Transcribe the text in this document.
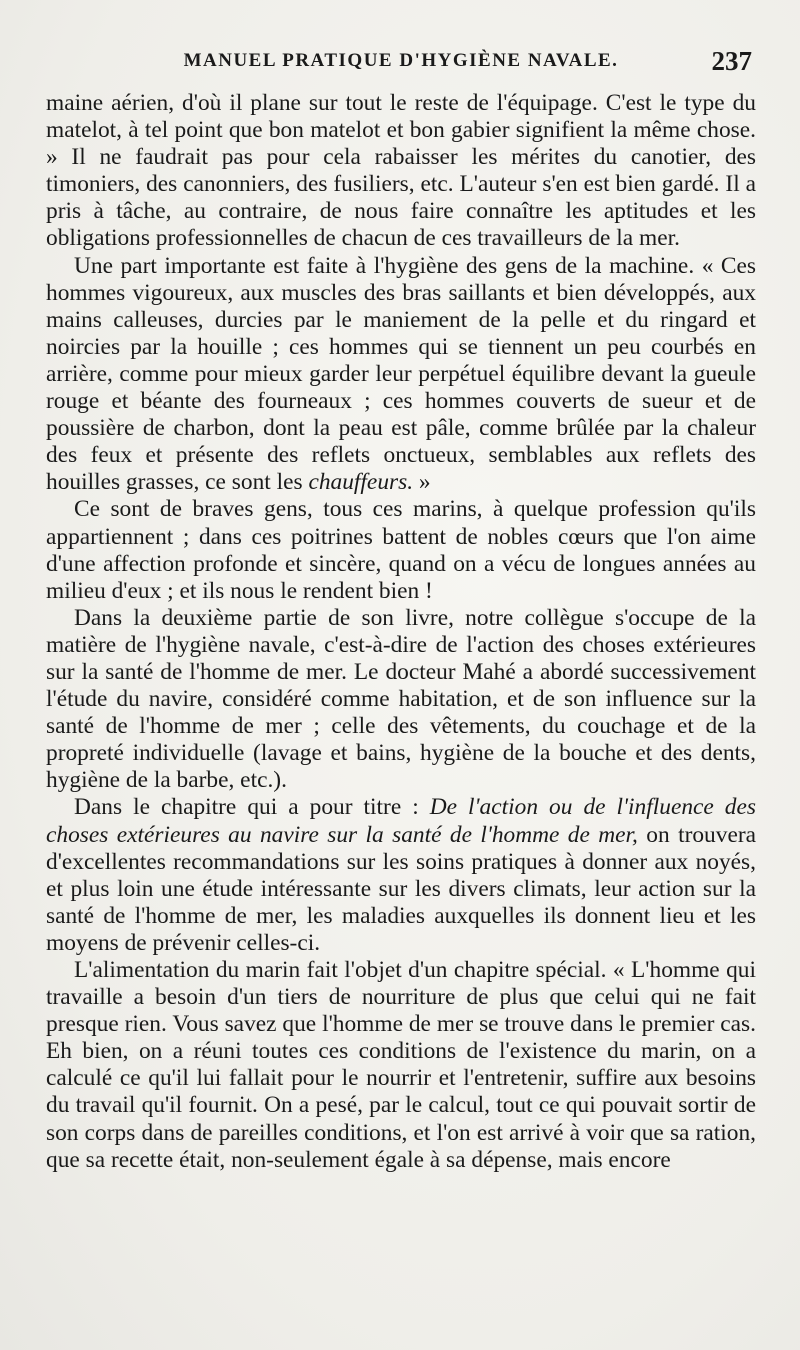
MANUEL PRATIQUE D'HYGIÈNE NAVALE.	237

maine aérien, d'où il plane sur tout le reste de l'équipage. C'est le type du matelot, à tel point que bon matelot et bon gabier signifient la même chose. » Il ne faudrait pas pour cela rabaisser les mérites du canotier, des timoniers, des canonniers, des fusiliers, etc. L'auteur s'en est bien gardé. Il a pris à tâche, au contraire, de nous faire connaître les aptitudes et les obligations professionnelles de chacun de ces travailleurs de la mer.

Une part importante est faite à l'hygiène des gens de la machine. « Ces hommes vigoureux, aux muscles des bras saillants et bien développés, aux mains calleuses, durcies par le maniement de la pelle et du ringard et noircies par la houille ; ces hommes qui se tiennent un peu courbés en arrière, comme pour mieux garder leur perpétuel équilibre devant la gueule rouge et béante des fourneaux ; ces hommes couverts de sueur et de poussière de charbon, dont la peau est pâle, comme brûlée par la chaleur des feux et présente des reflets onctueux, semblables aux reflets des houilles grasses, ce sont les chauffeurs. »

Ce sont de braves gens, tous ces marins, à quelque profession qu'ils appartiennent ; dans ces poitrines battent de nobles cœurs que l'on aime d'une affection profonde et sincère, quand on a vécu de longues années au milieu d'eux ; et ils nous le rendent bien !

Dans la deuxième partie de son livre, notre collègue s'occupe de la matière de l'hygiène navale, c'est-à-dire de l'action des choses extérieures sur la santé de l'homme de mer. Le docteur Mahé a abordé successivement l'étude du navire, considéré comme habitation, et de son influence sur la santé de l'homme de mer ; celle des vêtements, du couchage et de la propreté individuelle (lavage et bains, hygiène de la bouche et des dents, hygiène de la barbe, etc.).

Dans le chapitre qui a pour titre : De l'action ou de l'influence des choses extérieures au navire sur la santé de l'homme de mer, on trouvera d'excellentes recommandations sur les soins pratiques à donner aux noyés, et plus loin une étude intéressante sur les divers climats, leur action sur la santé de l'homme de mer, les maladies auxquelles ils donnent lieu et les moyens de prévenir celles-ci.

L'alimentation du marin fait l'objet d'un chapitre spécial. « L'homme qui travaille a besoin d'un tiers de nourriture de plus que celui qui ne fait presque rien. Vous savez que l'homme de mer se trouve dans le premier cas. Eh bien, on a réuni toutes ces conditions de l'existence du marin, on a calculé ce qu'il lui fallait pour le nourrir et l'entretenir, suffire aux besoins du travail qu'il fournit. On a pesé, par le calcul, tout ce qui pouvait sortir de son corps dans de pareilles conditions, et l'on est arrivé à voir que sa ration, que sa recette était, non-seulement égale à sa dépense, mais encore
